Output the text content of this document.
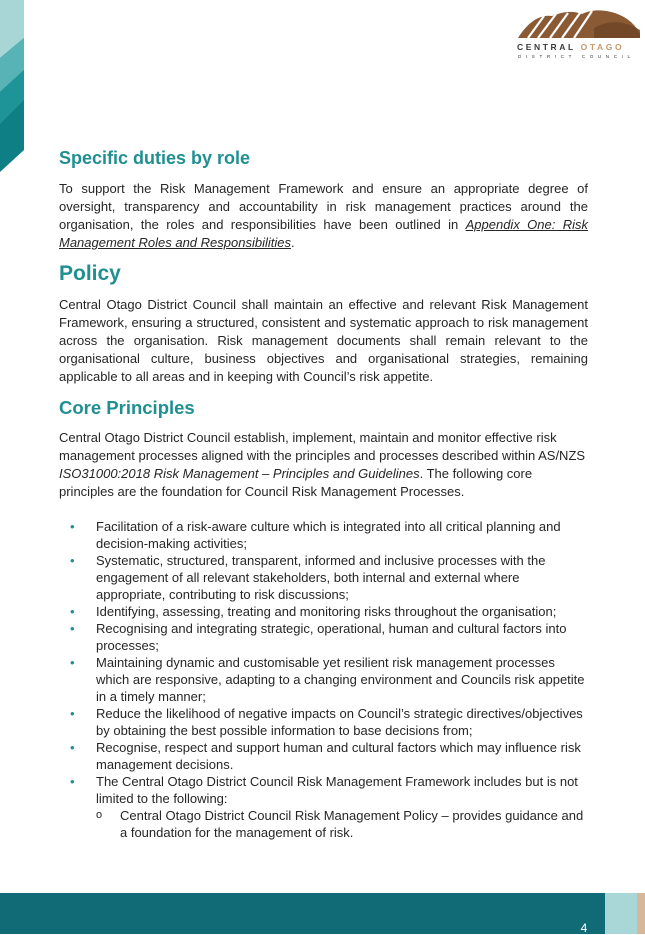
CENTRAL OTAGO
DISTRICT COUNCIL
Specific duties by role

To support the Risk Management Framework and ensure an appropriate degree of oversight, transparency and accountability in risk management practices around the organisation, the roles and responsibilities have been outlined in Appendix One: Risk Management Roles and Responsibilities.

Policy

Central Otago District Council shall maintain an effective and relevant Risk Management Framework, ensuring a structured, consistent and systematic approach to risk management across the organisation. Risk management documents shall remain relevant to the organisational culture, business objectives and organisational strategies, remaining applicable to all areas and in keeping with Council’s risk appetite.

Core Principles

Central Otago District Council establish, implement, maintain and monitor effective risk management processes aligned with the principles and processes described within AS/NZS ISO31000:2018 Risk Management – Principles and Guidelines. The following core principles are the foundation for Council Risk Management Processes.

• Facilitation of a risk-aware culture which is integrated into all critical planning and decision-making activities;
• Systematic, structured, transparent, informed and inclusive processes with the engagement of all relevant stakeholders, both internal and external where appropriate, contributing to risk discussions;
• Identifying, assessing, treating and monitoring risks throughout the organisation;
• Recognising and integrating strategic, operational, human and cultural factors into processes;
• Maintaining dynamic and customisable yet resilient risk management processes which are responsive, adapting to a changing environment and Councils risk appetite in a timely manner;
• Reduce the likelihood of negative impacts on Council’s strategic directives/objectives by obtaining the best possible information to base decisions from;
• Recognise, respect and support human and cultural factors which may influence risk management decisions.
• The Central Otago District Council Risk Management Framework includes but is not limited to the following:
o Central Otago District Council Risk Management Policy – provides guidance and a foundation for the management of risk.
4
